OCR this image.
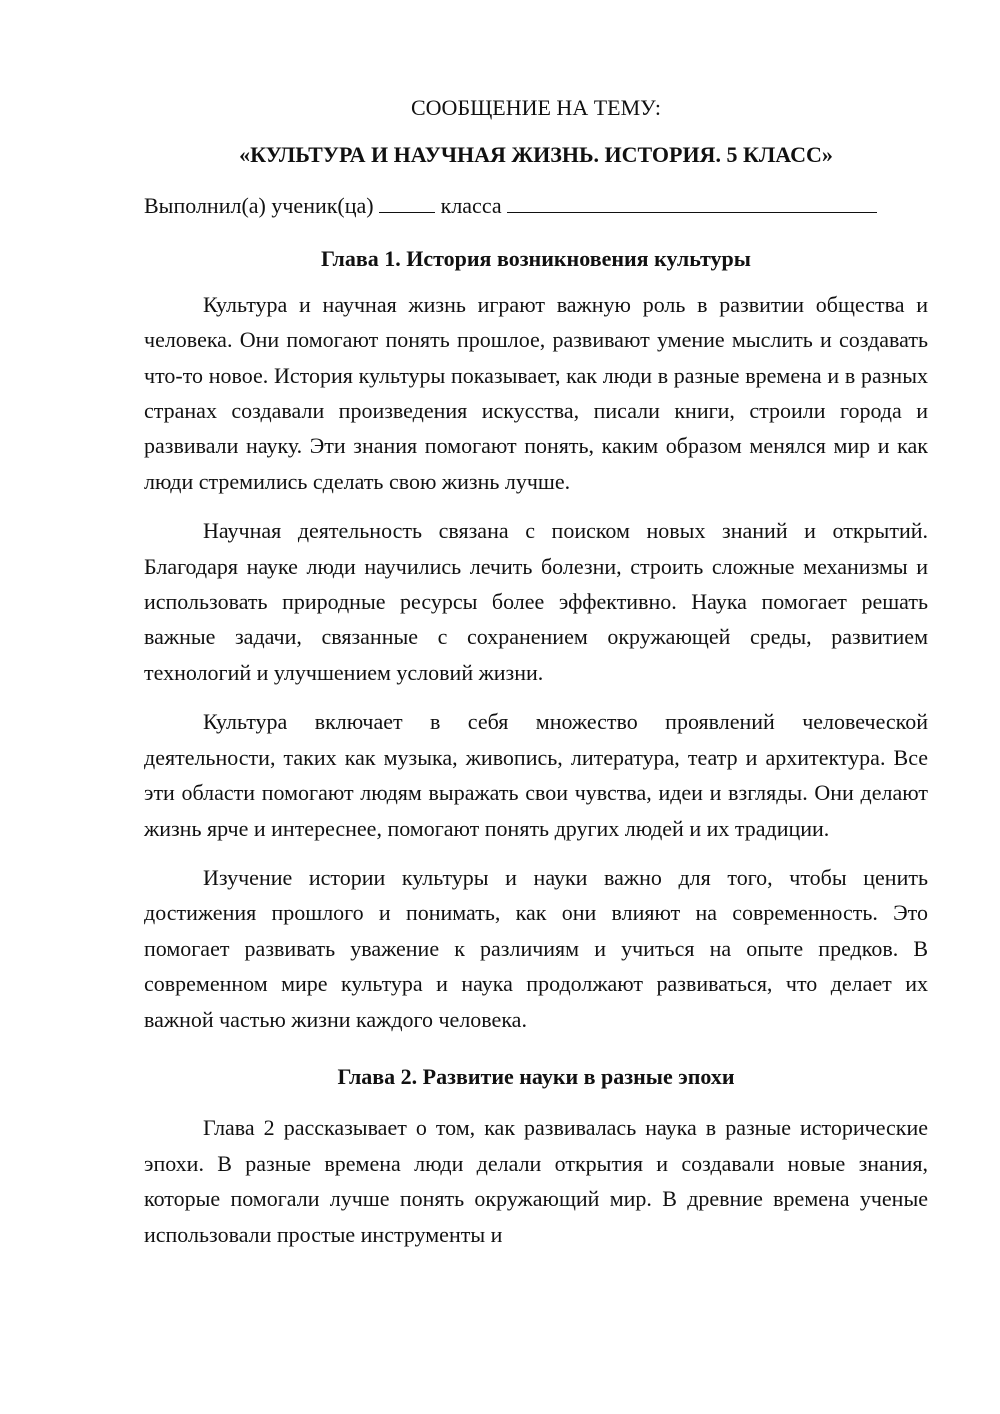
СООБЩЕНИЕ НА ТЕМУ:

«КУЛЬТУРА И НАУЧНАЯ ЖИЗНЬ. ИСТОРИЯ. 5 КЛАСС»

Выполнил(а) ученик(ца)	класса

Глава 1. История возникновения культуры

Культура и научная жизнь играют важную роль в развитии общества и человека. Они помогают понять прошлое, развивают умение мыслить и создавать что-то новое. История культуры показывает, как люди в разные времена и в разных странах создавали произведения искусства, писали книги, строили города и развивали науку. Эти знания помогают понять, каким образом менялся мир и как люди стремились сделать свою жизнь лучше.

Научная деятельность связана с поиском новых знаний и открытий. Благодаря науке люди научились лечить болезни, строить сложные механизмы и использовать природные ресурсы более эффективно. Наука помогает решать важные задачи, связанные с сохранением окружающей среды, развитием технологий и улучшением условий жизни.

Культура включает в себя множество проявлений человеческой деятельности, таких как музыка, живопись, литература, театр и архитектура. Все эти области помогают людям выражать свои чувства, идеи и взгляды. Они делают жизнь ярче и интереснее, помогают понять других людей и их традиции.

Изучение истории культуры и науки важно для того, чтобы ценить достижения прошлого и понимать, как они влияют на современность. Это помогает развивать уважение к различиям и учиться на опыте предков. В современном мире культура и наука продолжают развиваться, что делает их важной частью жизни каждого человека.

Глава 2. Развитие науки в разные эпохи

Глава 2 рассказывает о том, как развивалась наука в разные исторические эпохи. В разные времена люди делали открытия и создавали новые знания, которые помогали лучше понять окружающий мир. В древние времена ученые использовали простые инструменты и
